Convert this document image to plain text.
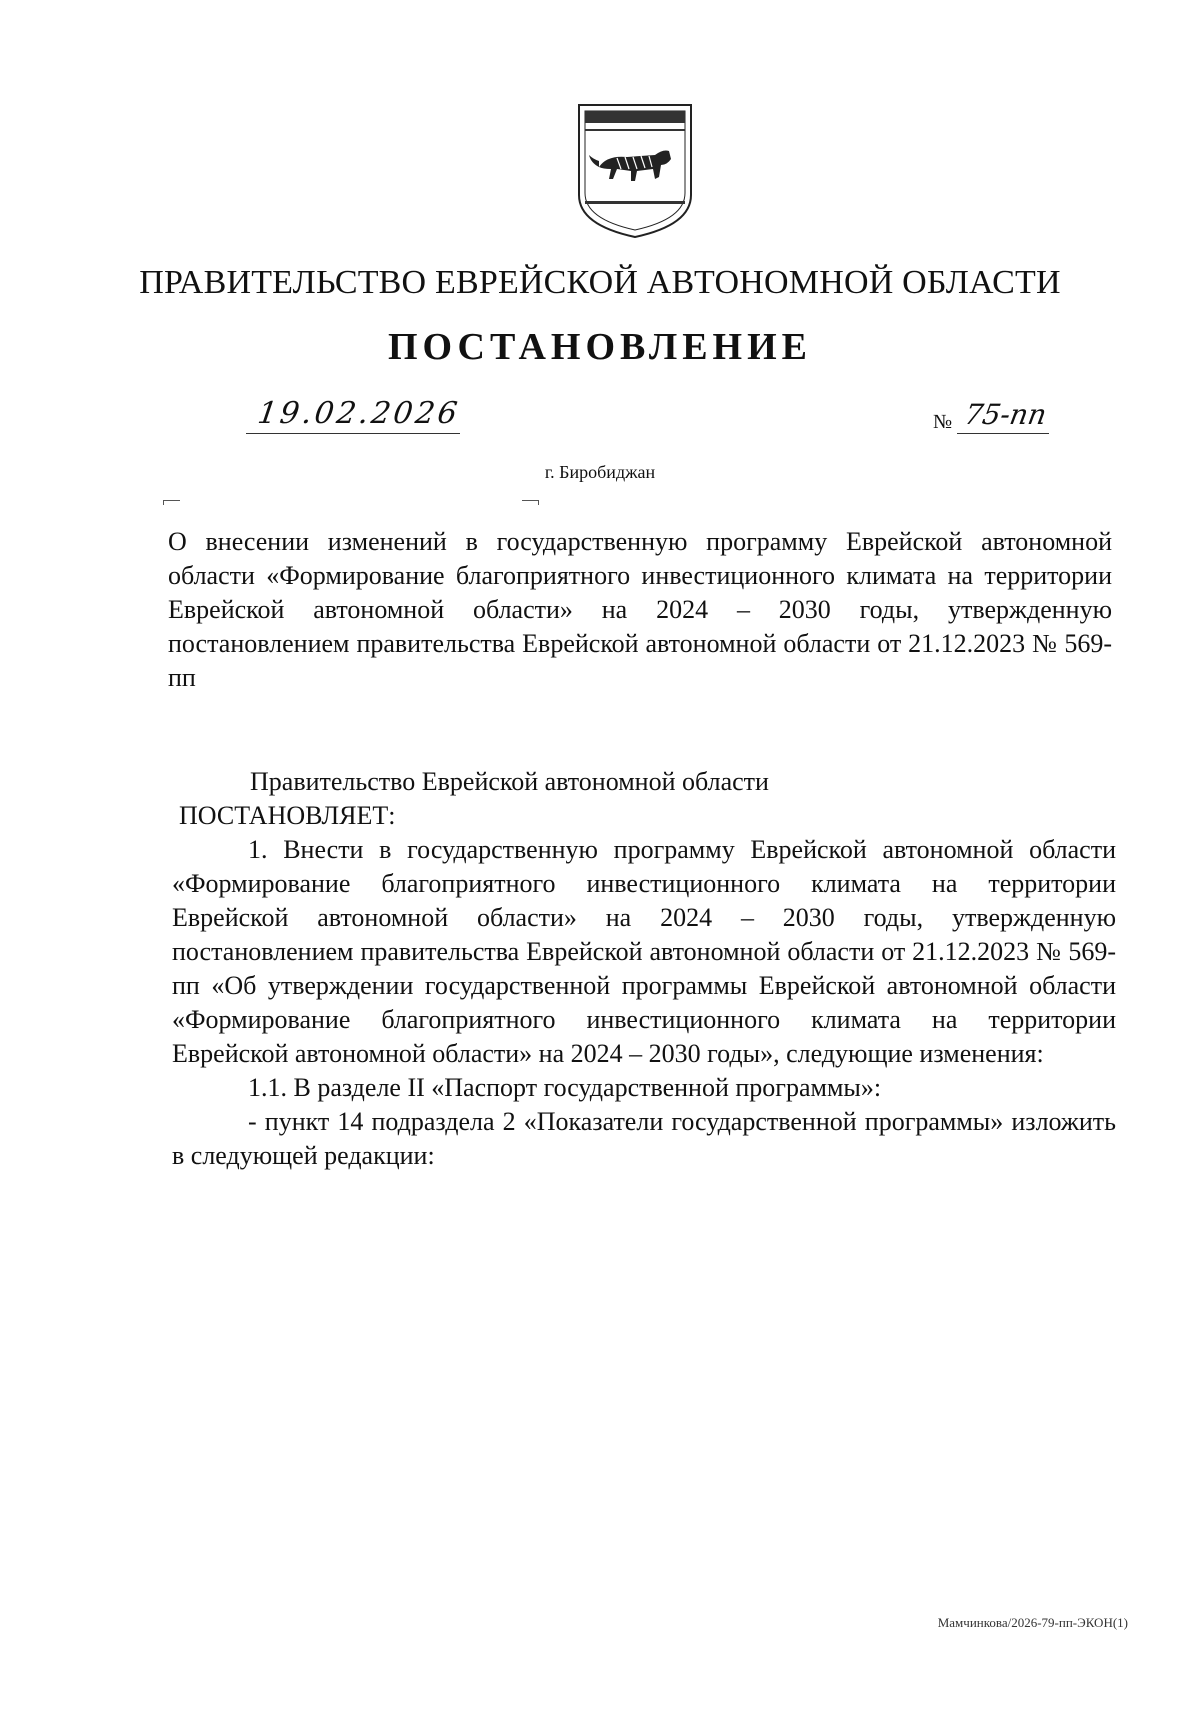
ПРАВИТЕЛЬСТВО ЕВРЕЙСКОЙ АВТОНОМНОЙ ОБЛАСТИ
ПОСТАНОВЛЕНИЕ
19.02.2026	№ 75-пп
г. Биробиджан
О внесении изменений в государственную программу Еврейской автономной области «Формирование благоприятного инвестиционного климата на территории Еврейской автономной области» на 2024 – 2030 годы, утвержденную постановлением правительства Еврейской автономной области от 21.12.2023 № 569-пп
Правительство Еврейской автономной области
ПОСТАНОВЛЯЕТ:

1. Внести в государственную программу Еврейской автономной области «Формирование благоприятного инвестиционного климата на территории Еврейской автономной области» на 2024 – 2030 годы, утвержденную постановлением правительства Еврейской автономной области от 21.12.2023 № 569-пп «Об утверждении государственной программы Еврейской автономной области «Формирование благоприятного инвестиционного климата на территории Еврейской автономной области» на 2024 – 2030 годы», следующие изменения:

1.1. В разделе II «Паспорт государственной программы»:

- пункт 14 подраздела 2 «Показатели государственной программы» изложить в следующей редакции:

Мамчинкова/2026-79-пп-ЭКОН(1)
